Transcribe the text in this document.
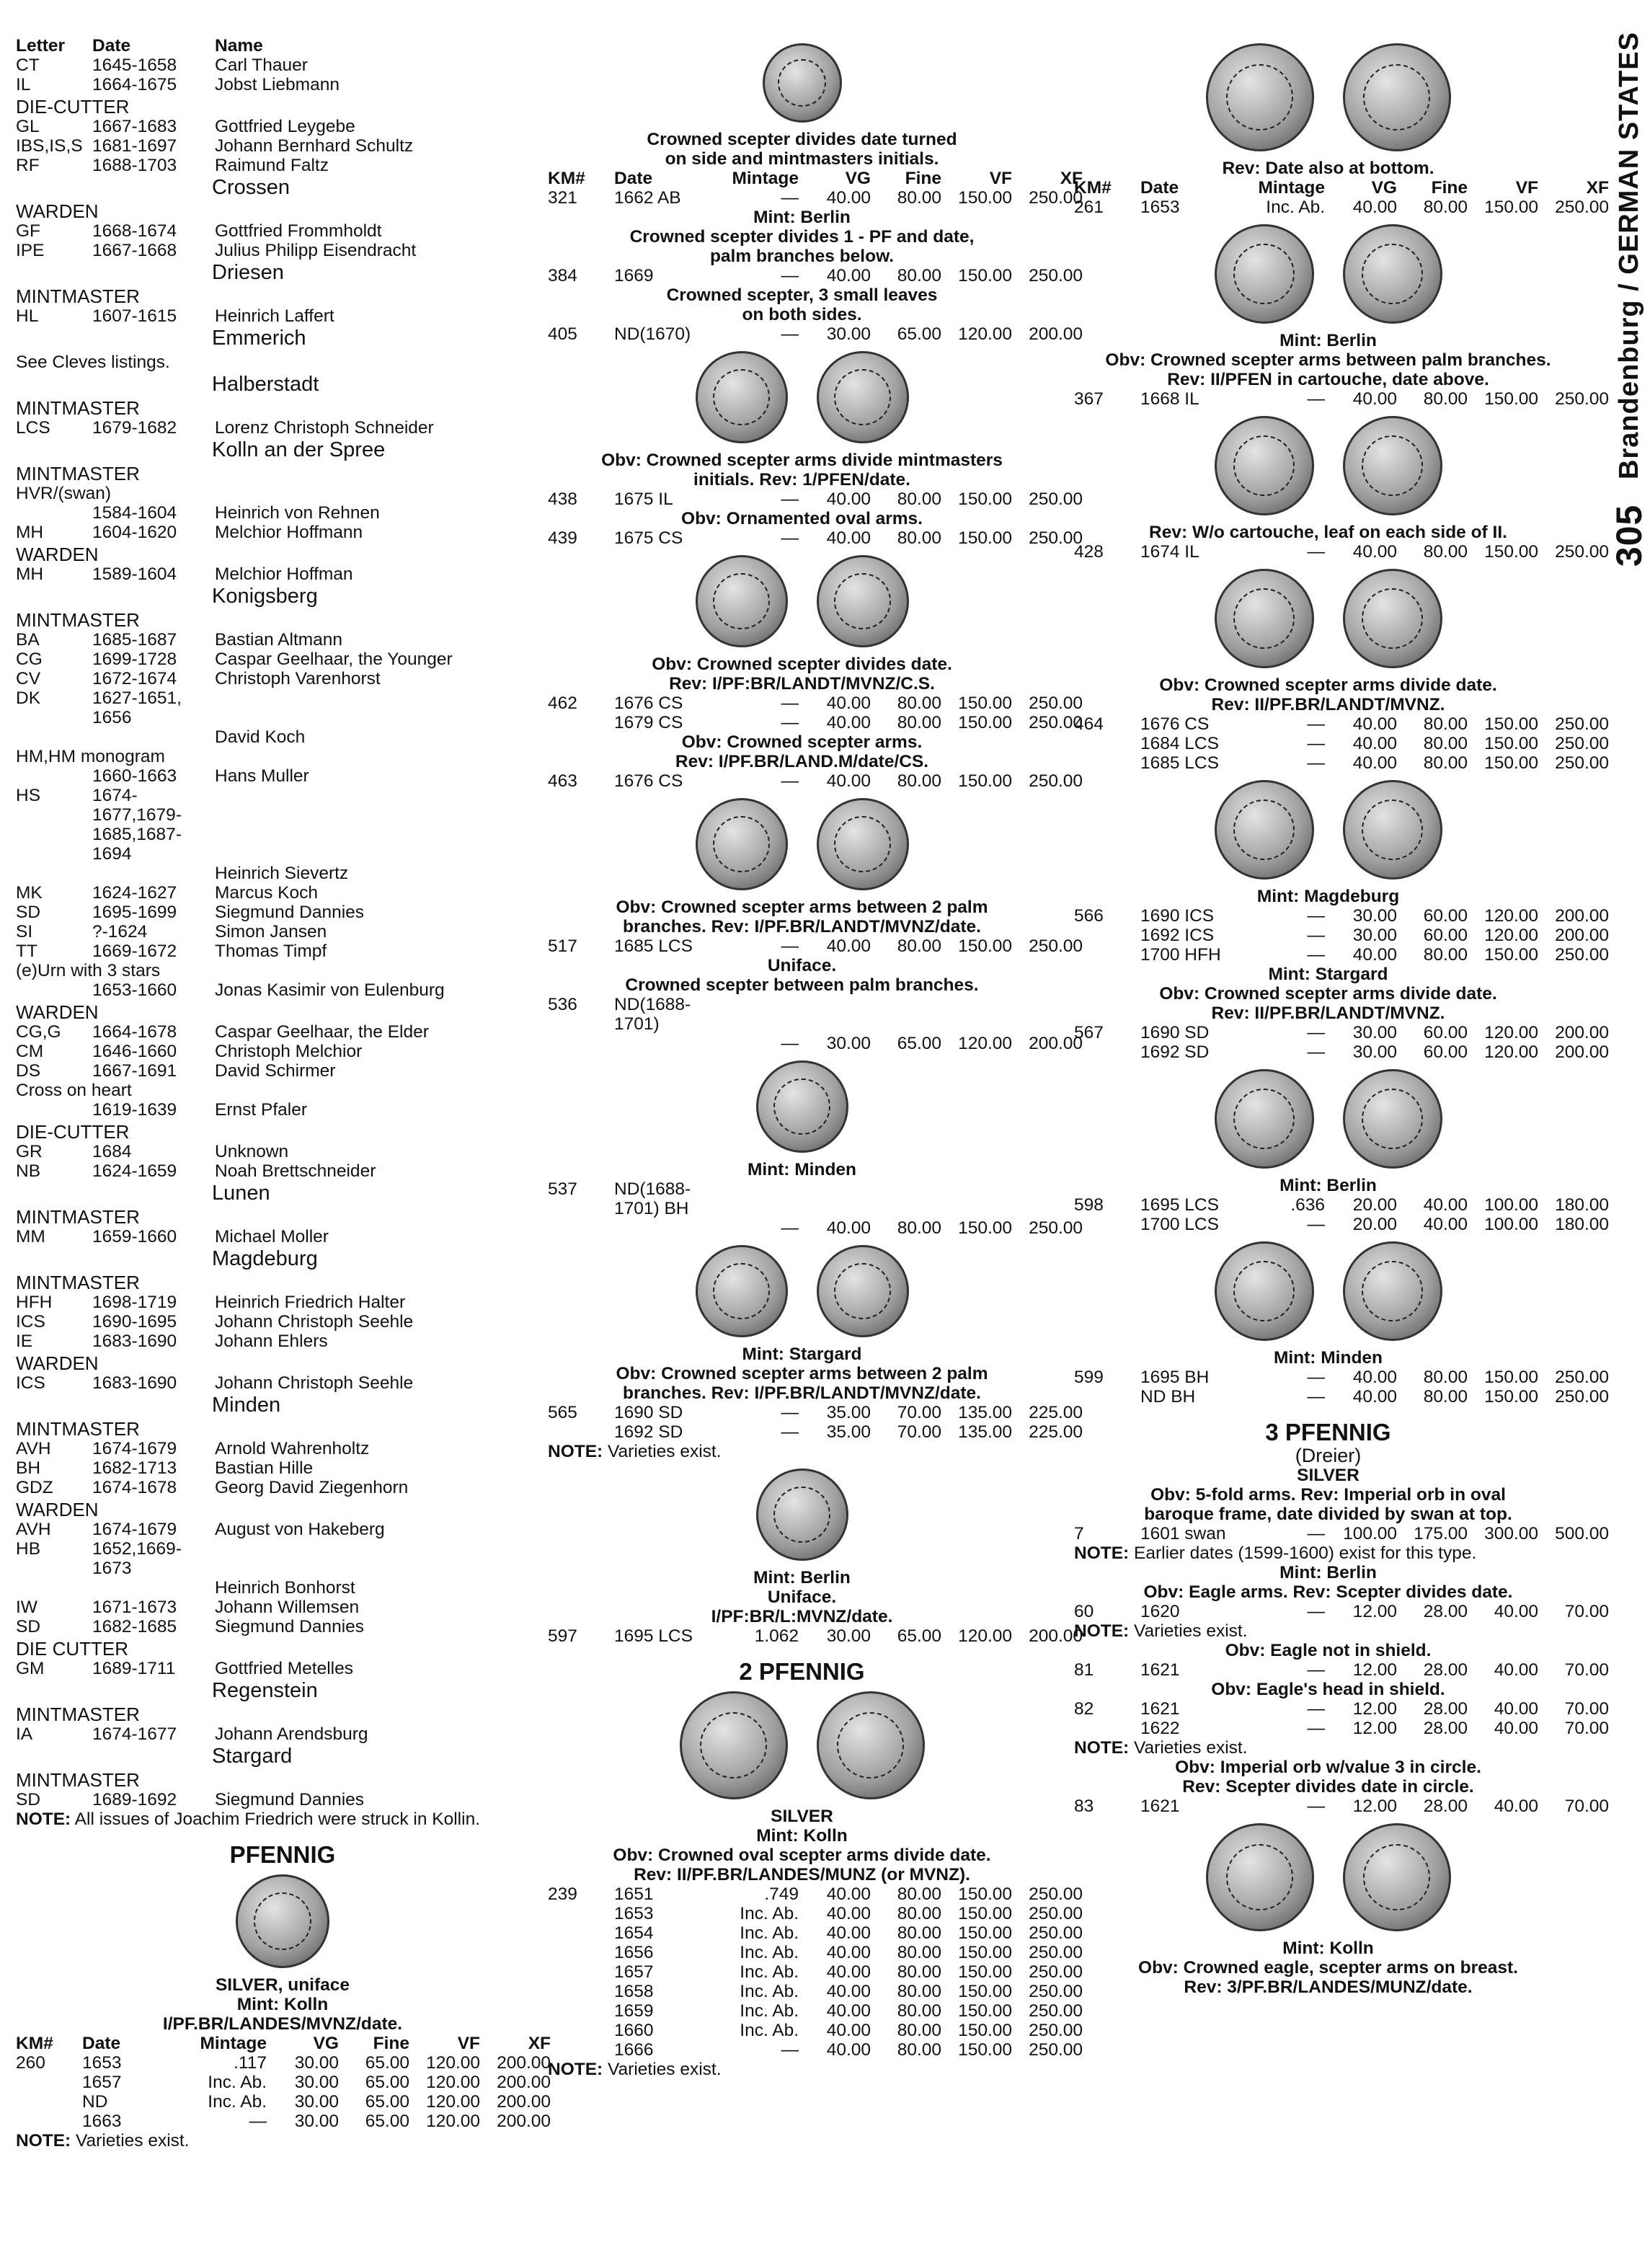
Letter	Date	Name
CT	1645-1658	Carl Thauer
IL	1664-1675	Jobst Liebmann
DIE-CUTTER
GL	1667-1683	Gottfried Leygebe
IBS,IS,S 1681-1697	Johann Bernhard Schultz
RF	1688-1703	Raimund Faltz
Crossen
WARDEN
GF	1668-1674	Gottfried Frommholdt
IPE	1667-1668	Julius Philipp Eisendracht
Driesen
MINTMASTER
HL	1607-1615	Heinrich Laffert
Emmerich
See Cleves listings.
Halberstadt
MINTMASTER
LCS	1679-1682	Lorenz Christoph Schneider
Kolln an der Spree
MINTMASTER
HVR/(swan)
1584-1604	Heinrich von Rehnen
MH	1604-1620	Melchior Hoffmann
WARDEN
MH	1589-1604	Melchior Hoffman
Konigsberg
MINTMASTER
BA	1685-1687	Bastian Altmann
CG	1699-1728	Caspar Geelhaar, the Younger
CV	1672-1674	Christoph Varenhorst
DK	1627-1651, 1656
David Koch
HM,HM monogram
1660-1663	Hans Muller
HS	1674-1677,1679-1685,1687-1694
Heinrich Sievertz
MK	1624-1627	Marcus Koch
SD	1695-1699	Siegmund Dannies
SI	?-1624	Simon Jansen
TT	1669-1672	Thomas Timpf
(e)Urn with 3 stars
1653-1660	Jonas Kasimir von Eulenburg
WARDEN
CG,G	1664-1678	Caspar Geelhaar, the Elder
CM	1646-1660	Christoph Melchior
DS	1667-1691	David Schirmer
Cross on heart
1619-1639	Ernst Pfaler
DIE-CUTTER
GR	1684	Unknown
NB	1624-1659	Noah Brettschneider
Lunen
MINTMASTER
MM	1659-1660	Michael Moller
Magdeburg
MINTMASTER
HFH	1698-1719	Heinrich Friedrich Halter
ICS	1690-1695	Johann Christoph Seehle
IE	1683-1690	Johann Ehlers
WARDEN
ICS	1683-1690	Johann Christoph Seehle
Minden
MINTMASTER
AVH	1674-1679	Arnold Wahrenholtz
BH	1682-1713	Bastian Hille
GDZ	1674-1678	Georg David Ziegenhorn
WARDEN
AVH	1674-1679	August von Hakeberg
HB	1652,1669-1673
Heinrich Bonhorst
IW	1671-1673	Johann Willemsen
SD	1682-1685	Siegmund Dannies
DIE CUTTER
GM	1689-1711	Gottfried Metelles
Regenstein
MINTMASTER
IA	1674-1677	Johann Arendsburg
Stargard
MINTMASTER
SD	1689-1692	Siegmund Dannies
NOTE: All issues of Joachim Friedrich were struck in Kollin.
PFENNIG
SILVER, uniface
Mint: Kolln
I/PF.BR/LANDES/MVNZ/date.
KM#	Date	Mintage	VG	Fine	VF	XF
260	1653	.117	30.00	65.00 120.00 200.00
1657	Inc. Ab.	30.00	65.00 120.00 200.00
ND	Inc. Ab.	30.00	65.00 120.00 200.00
1663	—	30.00	65.00 120.00 200.00
NOTE: Varieties exist.
Crowned scepter divides date turned
on side and mintmasters initials.
KM#	Date	Mintage	VG	Fine	VF	XF
321	1662 AB	—	40.00	80.00 150.00 250.00
Mint: Berlin
Crowned scepter divides 1 - PF and date,
palm branches below.
384	1669	—	40.00	80.00 150.00 250.00
Crowned scepter, 3 small leaves
on both sides.
405	ND(1670)	—	30.00	65.00 120.00 200.00
Obv: Crowned scepter arms divide mintmasters
initials. Rev: 1/PFEN/date.
438	1675 IL	—	40.00	80.00 150.00 250.00
Obv: Ornamented oval arms.
439	1675 CS	—	40.00	80.00 150.00 250.00
Obv: Crowned scepter divides date.
Rev: I/PF:BR/LANDT/MVNZ/C.S.
462	1676 CS	—	40.00	80.00 150.00 250.00
1679 CS	—	40.00	80.00 150.00 250.00
Obv: Crowned scepter arms.
Rev: I/PF.BR/LAND.M/date/CS.
463	1676 CS	—	40.00	80.00 150.00 250.00
Obv: Crowned scepter arms between 2 palm
branches. Rev: I/PF.BR/LANDT/MVNZ/date.
517	1685 LCS	—	40.00	80.00 150.00 250.00
Uniface.
Crowned scepter between palm branches.
536	ND(1688-1701)
—	30.00	65.00 120.00 200.00
Mint: Minden
537	ND(1688-1701) BH
—	40.00	80.00 150.00 250.00
Mint: Stargard
Obv: Crowned scepter arms between 2 palm
branches. Rev: I/PF.BR/LANDT/MVNZ/date.
565	1690 SD	—	35.00	70.00 135.00 225.00
1692 SD	—	35.00	70.00 135.00 225.00
NOTE: Varieties exist.
Mint: Berlin
Uniface.
I/PF:BR/L:MVNZ/date.
597	1695 LCS	1.062	30.00	65.00 120.00 200.00
2 PFENNIG
SILVER
Mint: Kolln
Obv: Crowned oval scepter arms divide date.
Rev: II/PF.BR/LANDES/MUNZ (or MVNZ).
239	1651	.749	40.00	80.00 150.00 250.00
1653	Inc. Ab.	40.00	80.00 150.00 250.00
1654	Inc. Ab.	40.00	80.00 150.00 250.00
1656	Inc. Ab.	40.00	80.00 150.00 250.00
1657	Inc. Ab.	40.00	80.00 150.00 250.00
1658	Inc. Ab.	40.00	80.00 150.00 250.00
1659	Inc. Ab.	40.00	80.00 150.00 250.00
1660	Inc. Ab.	40.00	80.00 150.00 250.00
1666	—	40.00	80.00 150.00 250.00
NOTE: Varieties exist.
Rev: Date also at bottom.
KM#	Date	Mintage	VG	Fine	VF	XF
261	1653	Inc. Ab.	40.00	80.00 150.00 250.00
Mint: Berlin
Obv: Crowned scepter arms between palm branches.
Rev: II/PFEN in cartouche, date above.
367	1668 IL	—	40.00	80.00 150.00 250.00
Rev: W/o cartouche, leaf on each side of II.
428	1674 IL	—	40.00	80.00 150.00 250.00
Obv: Crowned scepter arms divide date.
Rev: II/PF.BR/LANDT/MVNZ.
464	1676 CS	—	40.00	80.00 150.00 250.00
1684 LCS	—	40.00	80.00 150.00 250.00
1685 LCS	—	40.00	80.00 150.00 250.00
Mint: Magdeburg
566	1690 ICS	—	30.00	60.00 120.00 200.00
1692 ICS	—	30.00	60.00 120.00 200.00
1700 HFH	—	40.00	80.00 150.00 250.00
Mint: Stargard
Obv: Crowned scepter arms divide date.
Rev: II/PF.BR/LANDT/MVNZ.
567	1690 SD	—	30.00	60.00 120.00 200.00
1692 SD	—	30.00	60.00 120.00 200.00
Mint: Berlin
598	1695 LCS	.636	20.00	40.00 100.00 180.00
1700 LCS	—	20.00	40.00 100.00 180.00
Mint: Minden
599	1695 BH	—	40.00	80.00 150.00 250.00
ND BH	—	40.00	80.00 150.00 250.00
3 PFENNIG
(Dreier)
SILVER
Obv: 5-fold arms. Rev: Imperial orb in oval
baroque frame, date divided by swan at top.
7	1601 swan	—	100.00 175.00 300.00 500.00
NOTE: Earlier dates (1599-1600) exist for this type.
Mint: Berlin
Obv: Eagle arms. Rev: Scepter divides date.
60	1620	—	12.00	28.00	40.00	70.00
NOTE: Varieties exist.
Obv: Eagle not in shield.
81	1621	—	12.00	28.00	40.00	70.00
Obv: Eagle's head in shield.
82	1621	—	12.00	28.00	40.00	70.00
1622	—	12.00	28.00	40.00	70.00
NOTE: Varieties exist.
Obv: Imperial orb w/value 3 in circle.
Rev: Scepter divides date in circle.
83	1621	—	12.00	28.00	40.00	70.00
Mint: Kolln
Obv: Crowned eagle, scepter arms on breast.
Rev: 3/PF.BR/LANDES/MUNZ/date.
305   Brandenburg / GERMAN STATES
